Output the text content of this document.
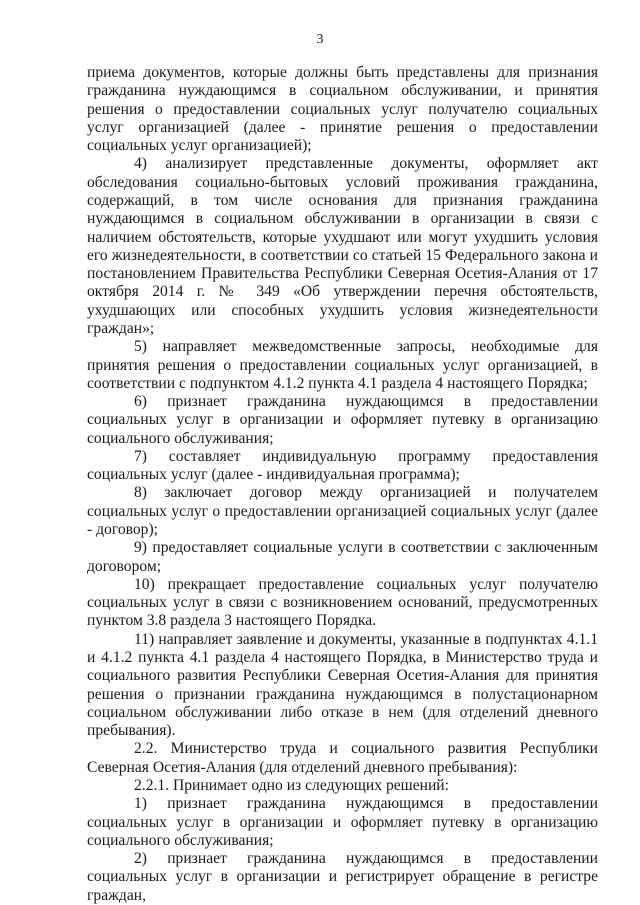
3

приема документов, которые должны быть представлены для признания гражданина нуждающимся в социальном обслуживании, и принятия решения о предоставлении социальных услуг получателю социальных услуг организацией (далее - принятие решения о предоставлении социальных услуг организацией);

4) анализирует представленные документы, оформляет акт обследования социально-бытовых условий проживания гражданина, содержащий, в том числе основания для признания гражданина нуждающимся в социальном обслуживании в организации в связи с наличием обстоятельств, которые ухудшают или могут ухудшить условия его жизнедеятельности, в соответствии со статьей 15 Федерального закона и постановлением Правительства Республики Северная Осетия-Алания от 17 октября 2014 г. № 349 «Об утверждении перечня обстоятельств, ухудшающих или способных ухудшить условия жизнедеятельности граждан»;

5) направляет межведомственные запросы, необходимые для принятия решения о предоставлении социальных услуг организацией, в соответствии с подпунктом 4.1.2 пункта 4.1 раздела 4 настоящего Порядка;

6) признает гражданина нуждающимся в предоставлении социальных услуг в организации и оформляет путевку в организацию социального обслуживания;

7) составляет индивидуальную программу предоставления социальных услуг (далее - индивидуальная программа);

8) заключает договор между организацией и получателем социальных услуг о предоставлении организацией социальных услуг (далее - договор);

9) предоставляет социальные услуги в соответствии с заключенным договором;

10) прекращает предоставление социальных услуг получателю социальных услуг в связи с возникновением оснований, предусмотренных пунктом 3.8 раздела 3 настоящего Порядка.

11) направляет заявление и документы, указанные в подпунктах 4.1.1 и 4.1.2 пункта 4.1 раздела 4 настоящего Порядка, в Министерство труда и социального развития Республики Северная Осетия-Алания для принятия решения о признании гражданина нуждающимся в полустационарном социальном обслуживании либо отказе в нем (для отделений дневного пребывания).

2.2. Министерство труда и социального развития Республики Северная Осетия-Алания (для отделений дневного пребывания):

2.2.1. Принимает одно из следующих решений:

1) признает гражданина нуждающимся в предоставлении социальных услуг в организации и оформляет путевку в организацию социального обслуживания;

2) признает гражданина нуждающимся в предоставлении социальных услуг в организации и регистрирует обращение в регистре граждан,
